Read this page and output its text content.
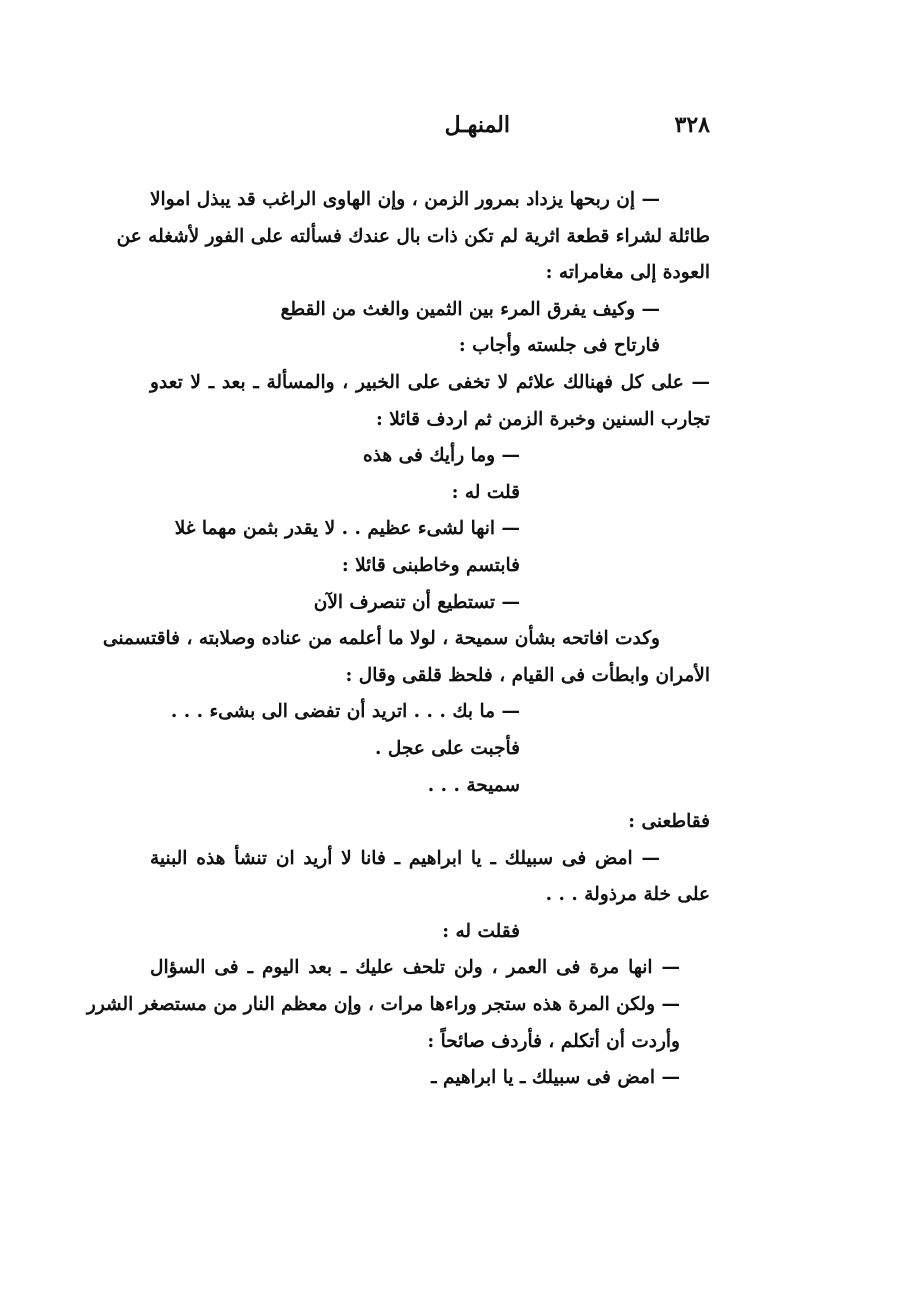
٣٢٨
المنهـل
— إن ربحها يزداد بمرور الزمن ، وإن الهاوى الراغب قد يبذل اموالا
طائلة لشراء قطعة اثرية لم تكن ذات بال عندك فسألته على الفور لأشغله عن
العودة إلى مغامراته :
— وكيف يفرق المرء بين الثمين والغث من القطع
فارتاح فى جلسته وأجاب :
— على كل فهنالك علائم لا تخفى على الخبير ، والمسألة ـ بعد ـ لا تعدو
تجارب السنين وخبرة الزمن ثم اردف قائلا :
— وما رأيك فى هذه
قلت له :
— انها لشىء عظيم . . لا يقدر بثمن مهما غلا
فابتسم وخاطبنى قائلا :
— تستطيع أن تنصرف الآن
وكدت افاتحه بشأن سميحة ، لولا ما أعلمه من عناده وصلابته ، فاقتسمنى
الأمران وابطأت فى القيام ، فلحظ قلقى وقال :
— ما بك . . . اتريد أن تفضى الى بشىء . . .
فأجبت على عجل .
سميحة . . .
فقاطعنى :
— امض فى سبيلك ـ يا ابراهيم ـ فانا لا أريد ان تنشأ هذه البنية
على خلة مرذولة . . .
فقلت له :
— انها مرة فى العمر ، ولن تلحف عليك ـ بعد اليوم ـ فى السؤال
— ولكن المرة هذه ستجر وراءها مرات ، وإن معظم النار من مستصغر الشرر
وأردت أن أتكلم ، فأردف صائحاً :
— امض فى سبيلك ـ يا ابراهيم ـ
